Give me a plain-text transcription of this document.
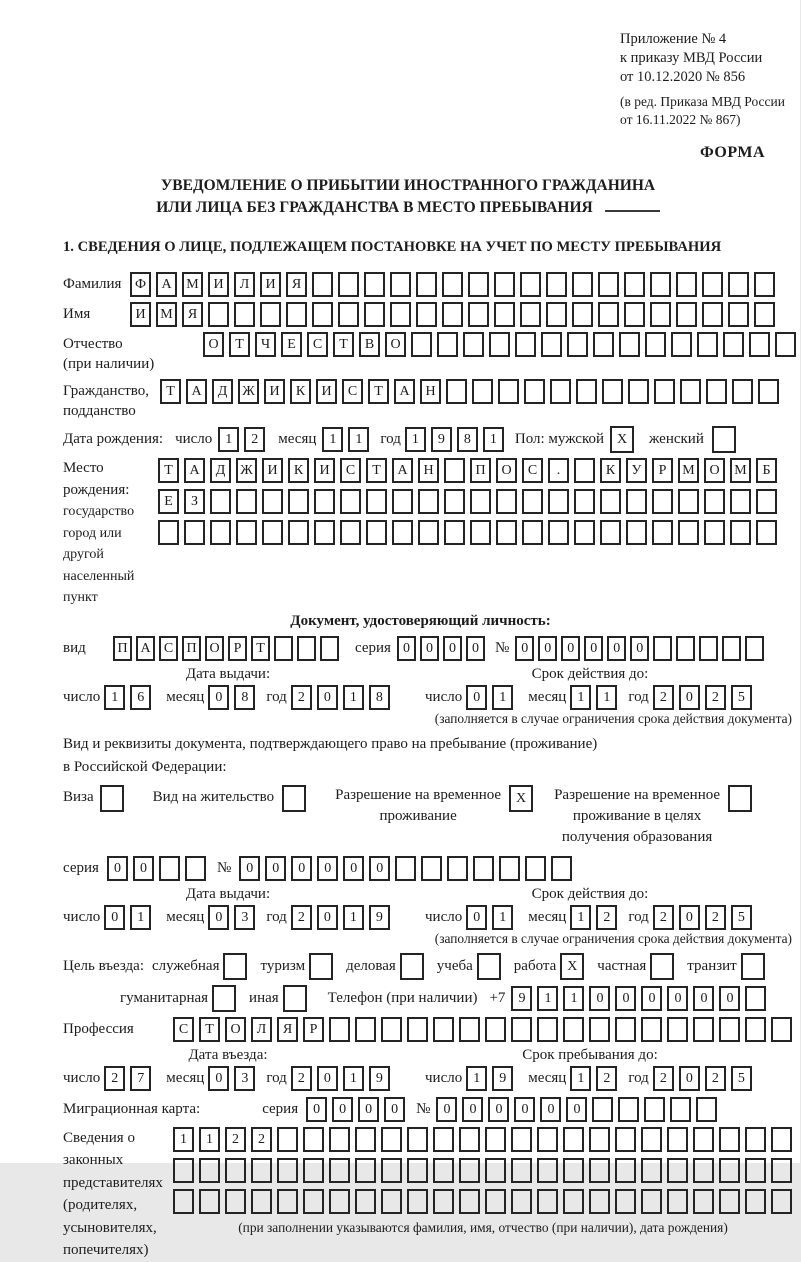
Приложение № 4
к приказу МВД России
от 10.12.2020 № 856
(в ред. Приказа МВД России
от 16.11.2022 № 867)
ФОРМА
УВЕДОМЛЕНИЕ О ПРИБЫТИИ ИНОСТРАННОГО ГРАЖДАНИНА
ИЛИ ЛИЦА БЕЗ ГРАЖДАНСТВА В МЕСТО ПРЕБЫВАНИЯ
1. СВЕДЕНИЯ О ЛИЦЕ, ПОДЛЕЖАЩЕМ ПОСТАНОВКЕ НА УЧЕТ ПО МЕСТУ ПРЕБЫВАНИЯ
Фамилия Ф А М И Л И Я
Имя	И М Я
Отчество
(при наличии)
О Т Ч Е С Т В О
Гражданство,
подданство
Т А Д Ж И К И С Т А Н
Дата рождения: число 1 2	месяц 1 1	год 1 9 8 1	Пол: мужской X	женский
Место рождения:
государство
город или другой
населенный пункт
Т А Д Ж И К И С Т А Н	П О С .	К У Р М О М Б
Е З
Документ, удостоверяющий личность:
вид	П А С П О Р Т	серия 0 0 0 0	№ 0 0 0 0 0 0
Дата выдачи:
число 1 6	месяц 0 8	год 2 0 1 8
Срок действия до:
число 0 1	месяц 1 1	год 2 0 2 5
(заполняется в случае ограничения срока действия документа)
Вид и реквизиты документа, подтверждающего право на пребывание (проживание)
в Российской Федерации:
Виза	Вид на жительство	Разрешение на временное
проживание
X	Разрешение на временное
проживание в целях
получения образования
серия	0 0	№	0 0 0 0 0 0
Дата выдачи:
число 0 1	месяц 0 3	год 2 0 1 9
Срок действия до:
число 0 1	месяц 1 2	год 2 0 2 5
(заполняется в случае ограничения срока действия документа)
Цель въезда: служебная	туризм	деловая	учеба	работа X	частная	транзит
гуманитарная	иная	Телефон (при наличии) +7 9 1 1 0 0 0 0 0 0
Профессия	С Т О Л Я Р
Дата въезда:
число 2 7	месяц 0 3	год 2 0 1 9
Срок пребывания до:
число 1 9	месяц 1 2	год 2 0 2 5
Миграционная карта:	серия	0 0 0 0	№ 0 0 0 0 0 0
Сведения о
законных
представителях
(родителях,
усыновителях,
попечителях)
1 1 2 2
(при заполнении указываются фамилия, имя, отчество (при наличии), дата рождения)
